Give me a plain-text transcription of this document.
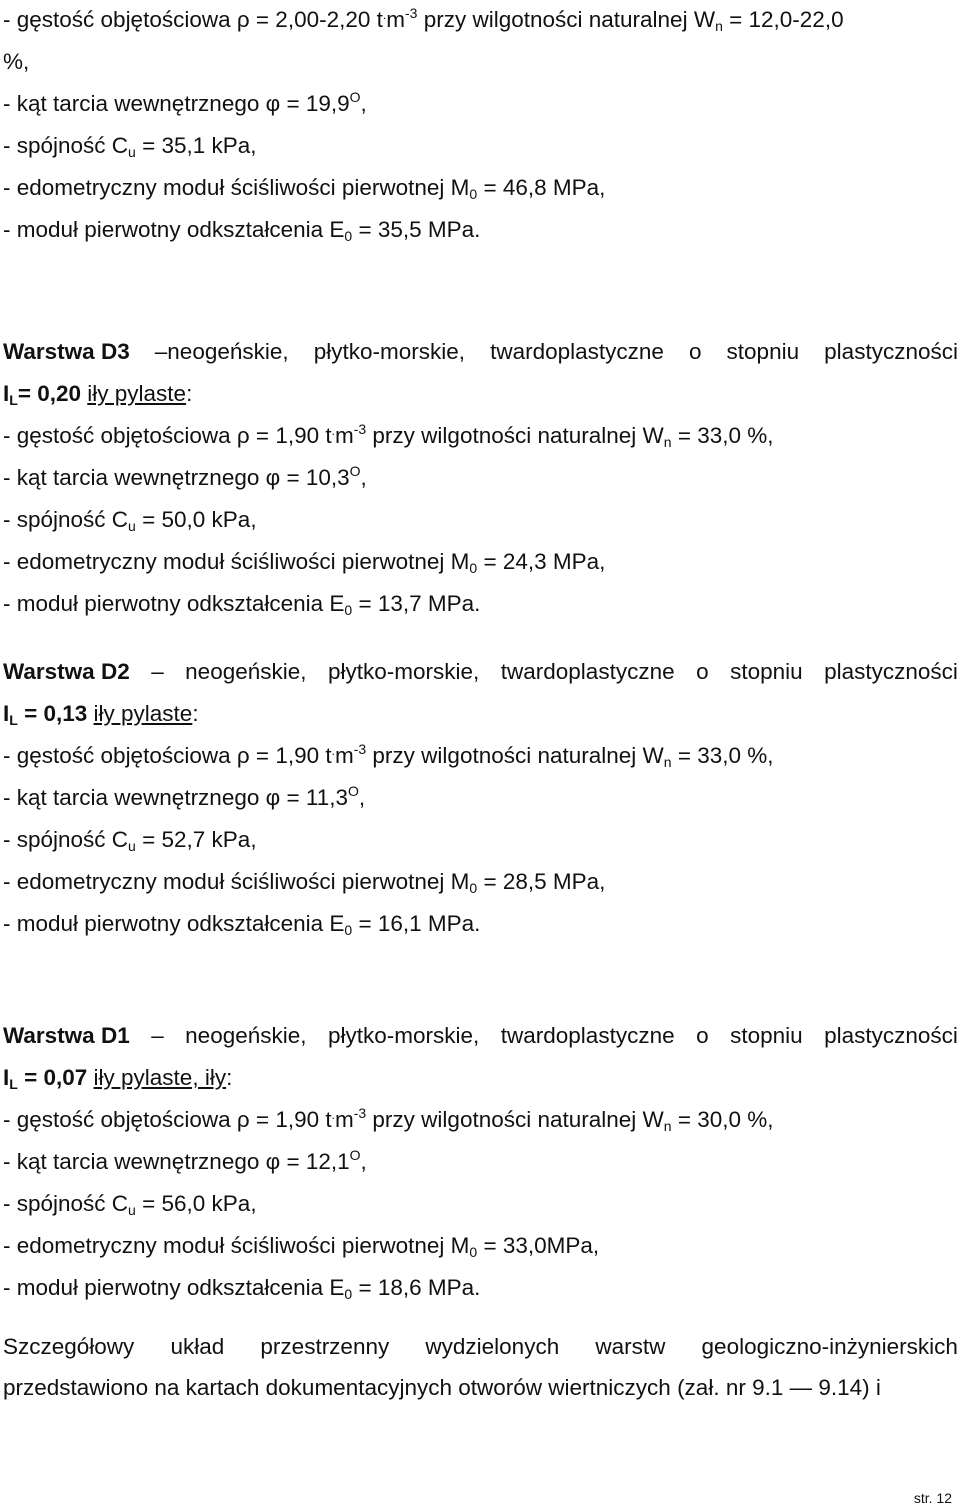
- gęstość objętościowa ρ = 2,00-2,20 $t^.m^{-3}$ przy wilgotności naturalnej $W_n = 12,0-22,0$
%,
- kąt tarcia wewnętrznego $\varphi = 19,9^O$,
- spójność $C_u = 35,1$ kPa,
- edometryczny moduł ściśliwości pierwotnej $M_0 = 46,8$ MPa,
- moduł pierwotny odkształcenia $E_0 = 35,5$ MPa.
Warstwa D3 –neogeńskie, płytko-morskie, twardoplastyczne o stopniu plastyczności
$I_L= 0,20$ iły pylaste:
- gęstość objętościowa ρ = 1,90 $t^.m^{-3}$ przy wilgotności naturalnej $W_n = 33,0$ %,
- kąt tarcia wewnętrznego $\varphi = 10,3^O$,
- spójność $C_u = 50,0$ kPa,
- edometryczny moduł ściśliwości pierwotnej $M_0 = 24,3$ MPa,
- moduł pierwotny odkształcenia $E_0 = 13,7$ MPa.
Warstwa D2 – neogeńskie, płytko-morskie, twardoplastyczne o stopniu plastyczności
$I_L = 0,13$ iły pylaste:
- gęstość objętościowa ρ = 1,90 $t^.m^{-3}$ przy wilgotności naturalnej $W_n = 33,0$ %,
- kąt tarcia wewnętrznego $\varphi = 11,3^O$,
- spójność $C_u = 52,7$ kPa,
- edometryczny moduł ściśliwości pierwotnej $M_0 = 28,5$ MPa,
- moduł pierwotny odkształcenia $E_0 = 16,1$ MPa.
Warstwa D1 – neogeńskie, płytko-morskie, twardoplastyczne o stopniu plastyczności
$I_L = 0,07$ iły pylaste, iły:
- gęstość objętościowa ρ = 1,90 $t^.m^{-3}$ przy wilgotności naturalnej $W_n = 30,0$ %,
- kąt tarcia wewnętrznego $\varphi = 12,1^O$,
- spójność $C_u = 56,0$ kPa,
- edometryczny moduł ściśliwości pierwotnej $M_0 = 33,0MPa$,
- moduł pierwotny odkształcenia $E_0 = 18,6$ MPa.
Szczegółowy układ przestrzenny wydzielonych warstw geologiczno-inżynierskich
przedstawiono na kartach dokumentacyjnych otworów wiertniczych (zał. nr 9.1 — 9.14) i
str. 12
